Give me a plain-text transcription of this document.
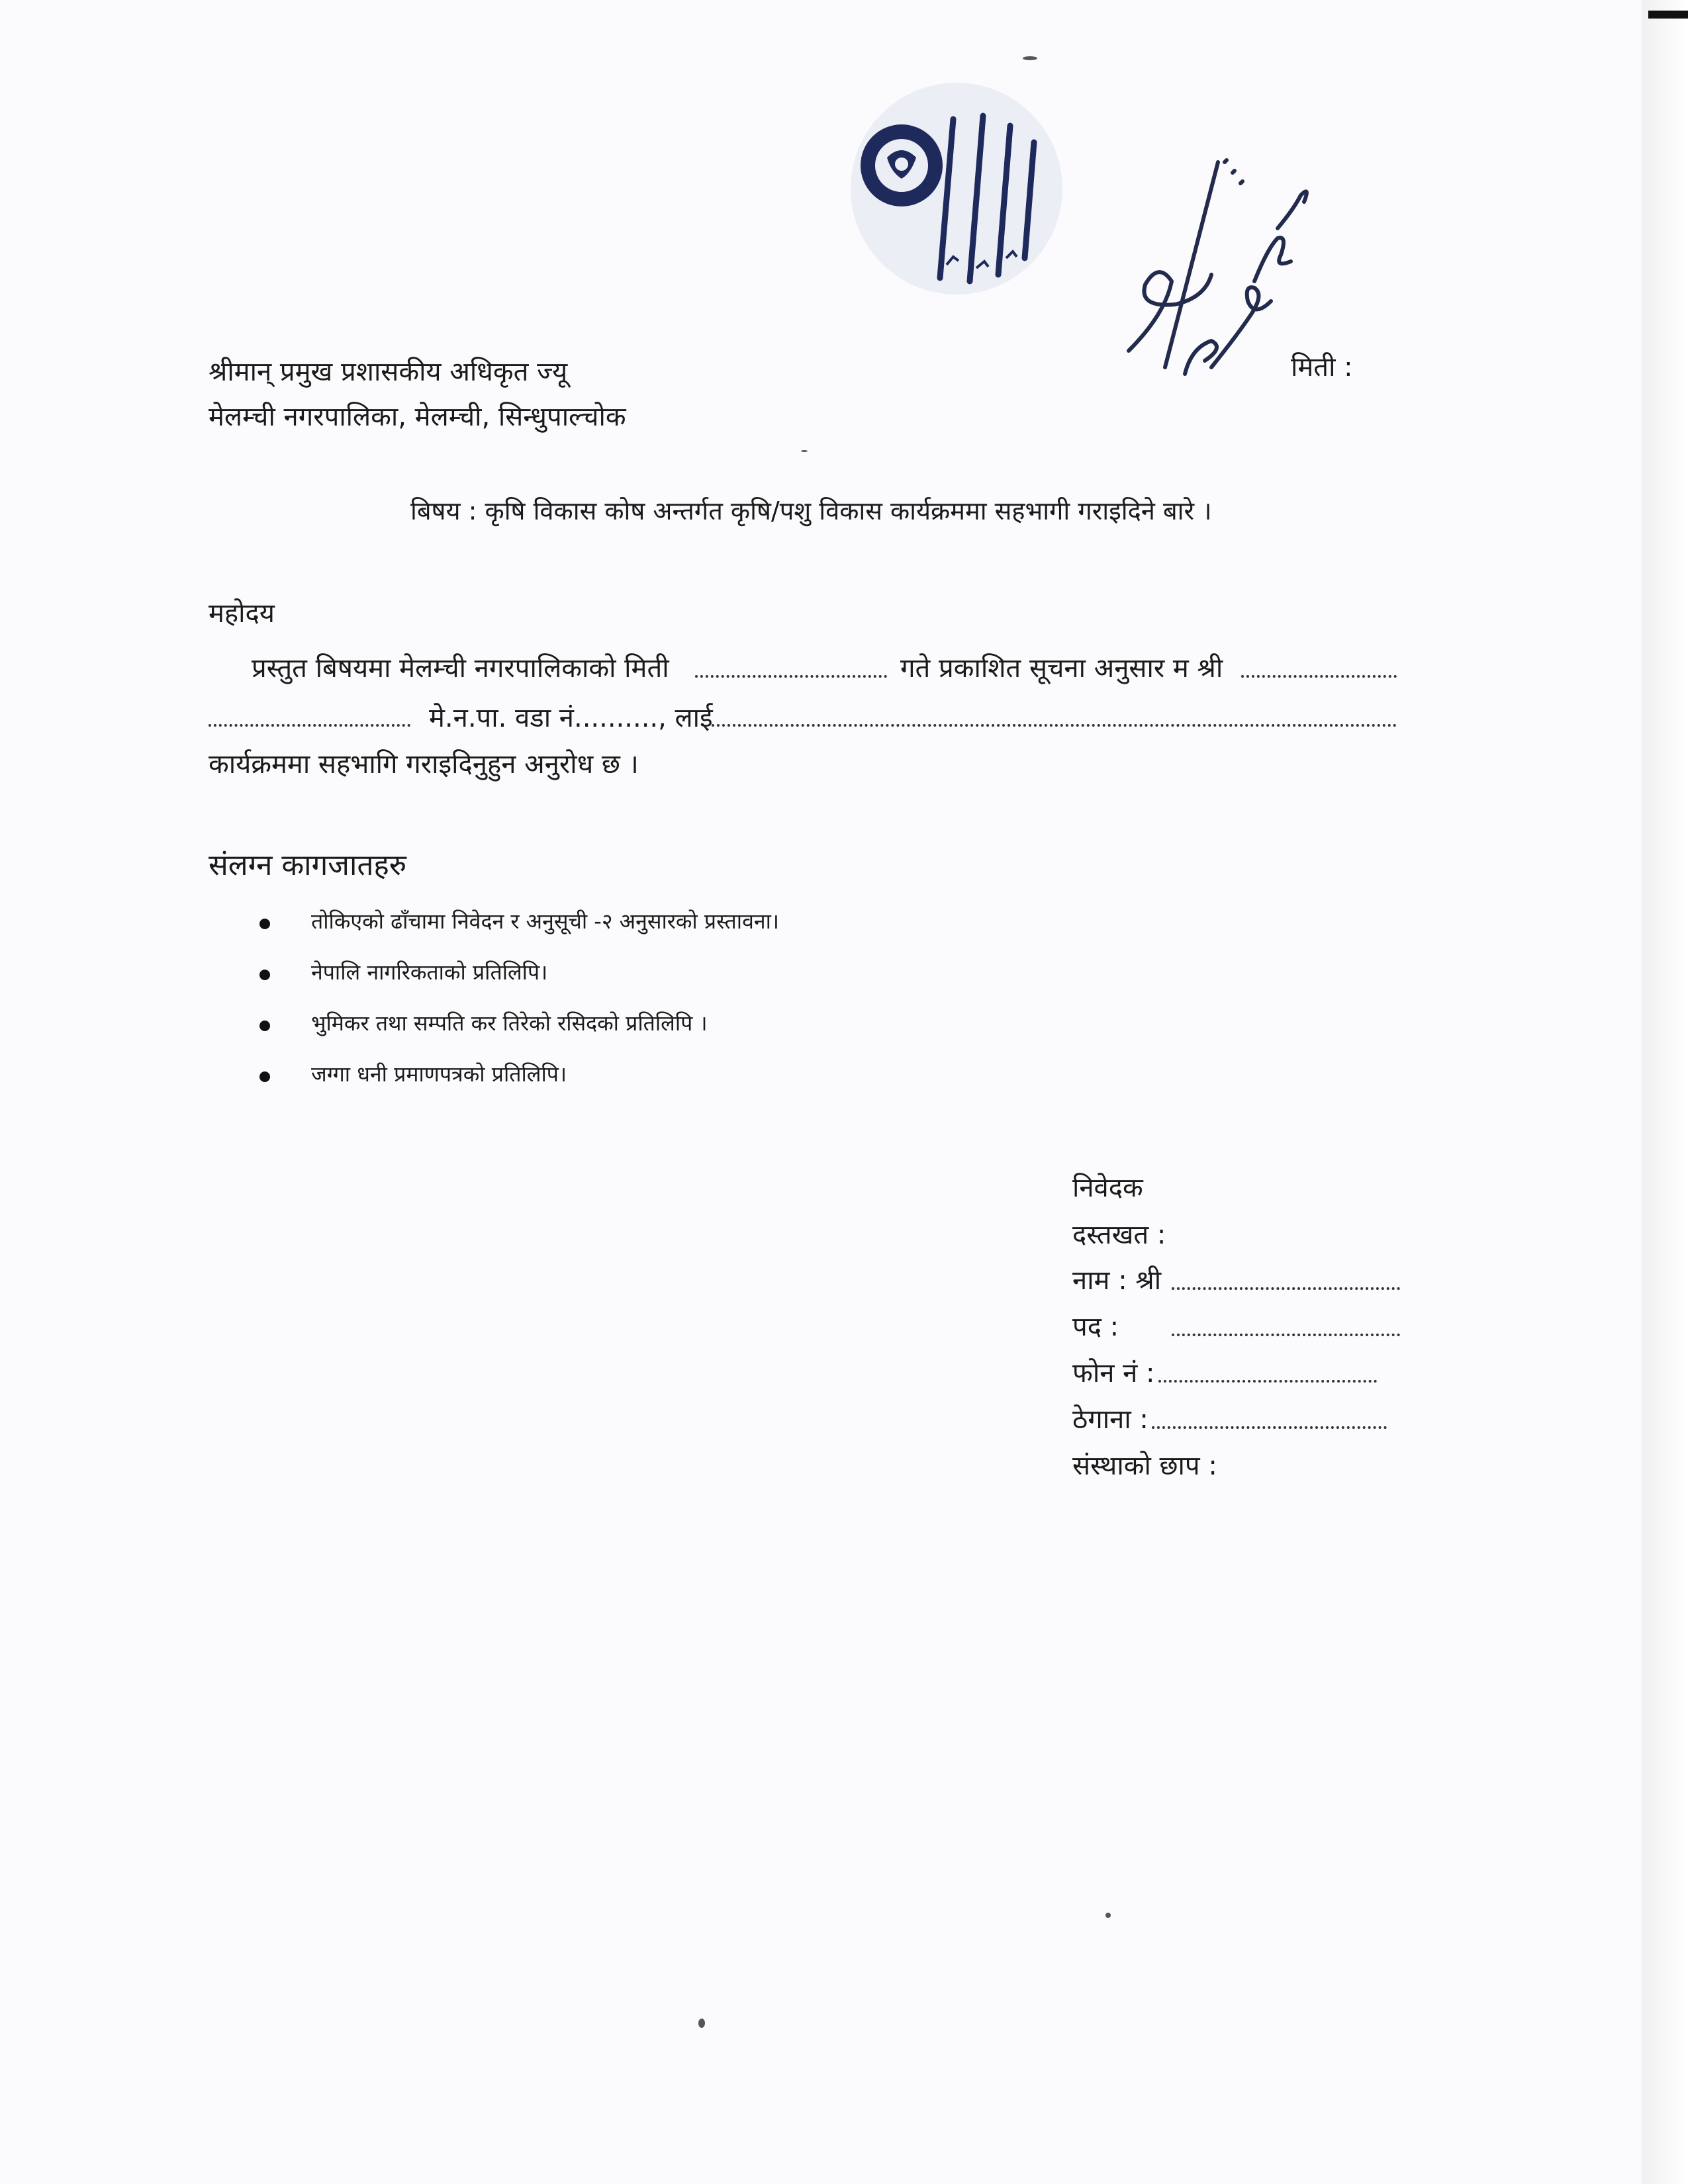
मिती :
श्रीमान् प्रमुख प्रशासकीय अधिकृत ज्यू
मेलम्ची नगरपालिका, मेलम्ची, सिन्धुपाल्चोक
बिषय : कृषि विकास कोष अन्तर्गत कृषि/पशु विकास कार्यक्रममा सहभागी गराइदिने बारे ।
महोदय
प्रस्तुत बिषयमा मेलम्ची नगरपालिकाको मिती	गते प्रकाशित सूचना अनुसार म श्री
मे.न.पा. वडा नं.........., लाई
कार्यक्रममा सहभागि गराइदिनुहुन अनुरोध छ ।
संलग्न कागजातहरु
तोकिएको ढाँचामा निवेदन र अनुसूची -२ अनुसारको प्रस्तावना।
नेपालि नागरिकताको प्रतिलिपि।
भुमिकर तथा सम्पति कर तिरेको रसिदको प्रतिलिपि ।
जग्गा धनी प्रमाणपत्रको प्रतिलिपि।
निवेदक
दस्तखत :
नाम : श्री
पद :
फोन नं :
ठेगाना :
संस्थाको छाप :
